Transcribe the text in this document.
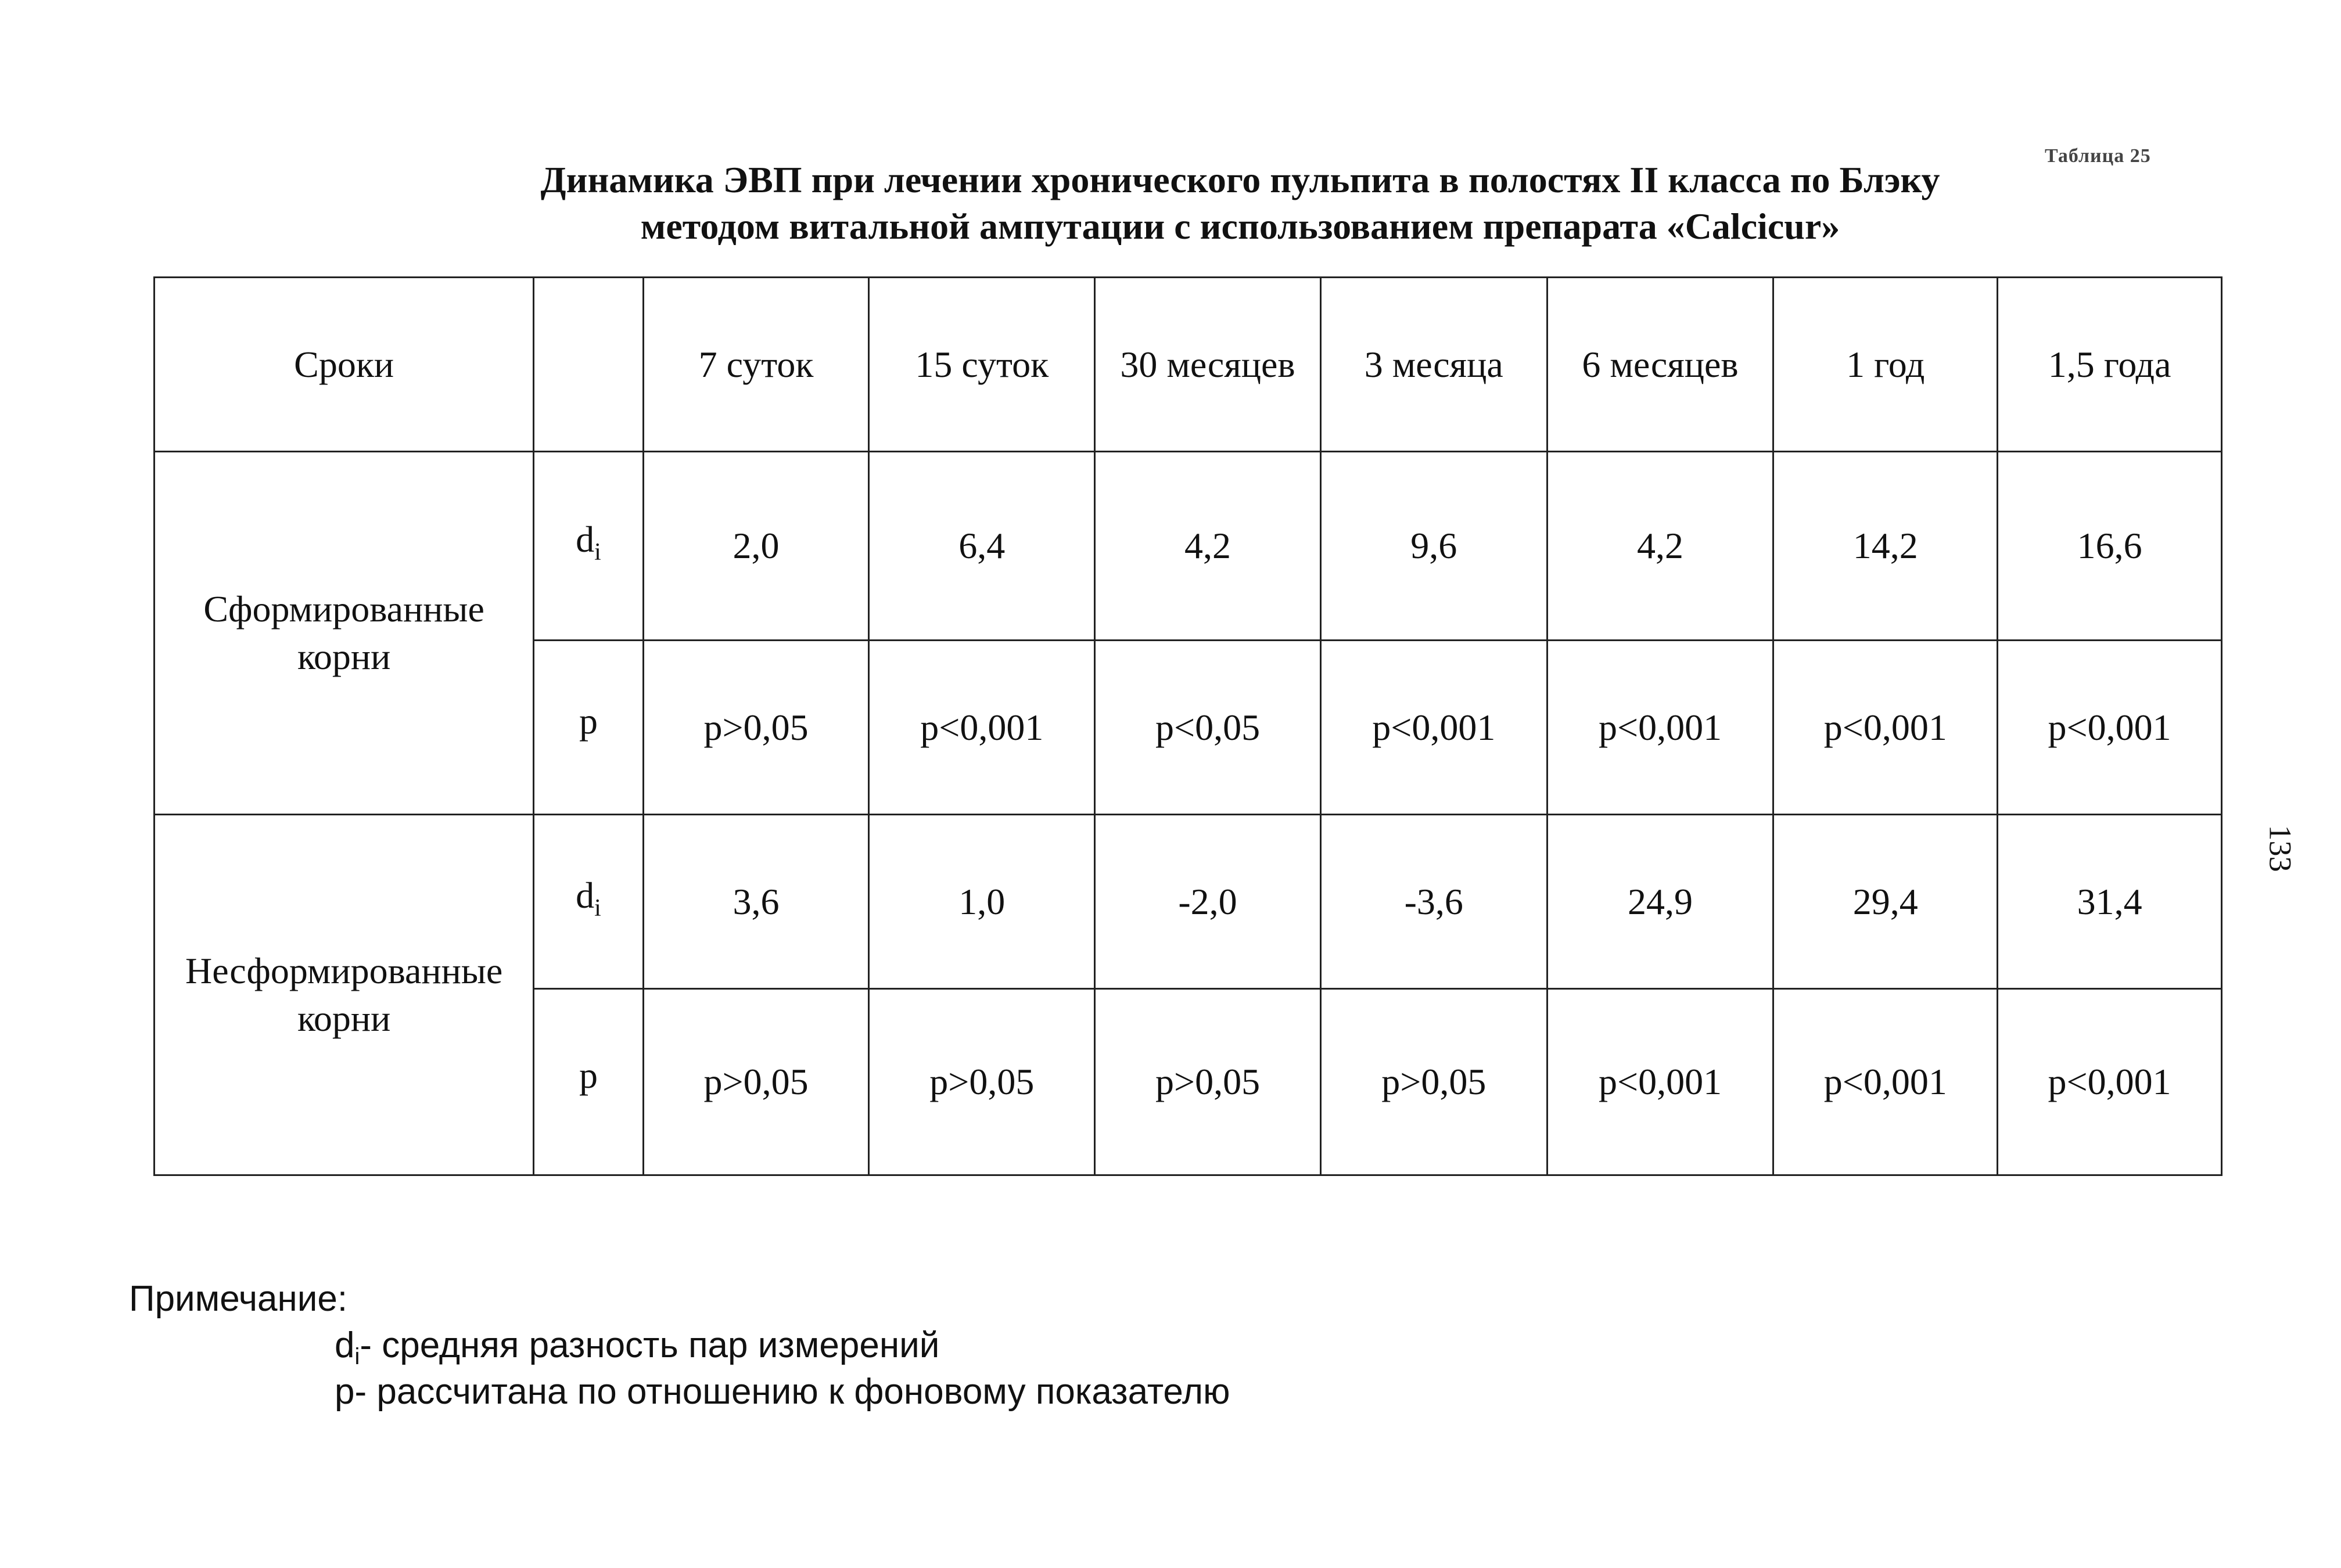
Таблица 25
Динамика ЭВП при лечении хронического пульпита в полостях II класса по Блэку
методом витальной ампутации с использованием препарата «Calcicur»
133
Сроки		7 суток	15 суток	30 месяцев	3 месяца	6 месяцев	1 год	1,5 года
Сформированные корни	$d_i$	2,0	6,4	4,2	9,6	4,2	14,2	16,6
	p	p>0,05	p<0,001	p<0,05	p<0,001	p<0,001	p<0,001	p<0,001
Несформированные корни	$d_i$	3,6	1,0	-2,0	-3,6	24,9	29,4	31,4
	p	p>0,05	p>0,05	p>0,05	p>0,05	p<0,001	p<0,001	p<0,001
Примечание:
$d_i-$ средняя разность пар измерений
p- рассчитана по отношению к фоновому показателю
